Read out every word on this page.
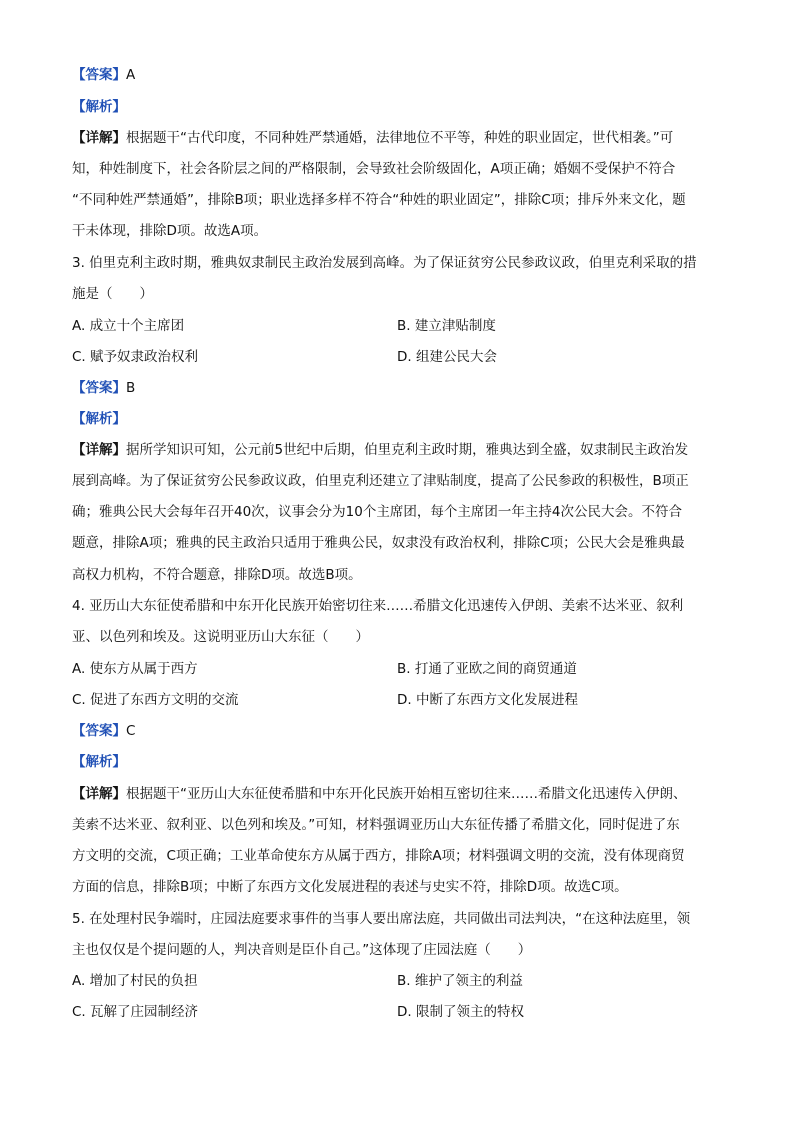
【答案】A
【解析】
【详解】根据题干“古代印度，不同种姓严禁通婚，法律地位不平等，种姓的职业固定，世代相袭。”可
知，种姓制度下，社会各阶层之间的严格限制，会导致社会阶级固化，A项正确；婚姻不受保护不符合
“不同种姓严禁通婚”，排除B项；职业选择多样不符合“种姓的职业固定”，排除C项；排斥外来文化，题
干未体现，排除D项。故选A项。
3. 伯里克利主政时期，雅典奴隶制民主政治发展到高峰。为了保证贫穷公民参政议政，伯里克利采取的措
施是（　　）
A. 成立十个主席团	B. 建立津贴制度
C. 赋予奴隶政治权利	D. 组建公民大会
【答案】B
【解析】
【详解】据所学知识可知，公元前5世纪中后期，伯里克利主政时期，雅典达到全盛，奴隶制民主政治发
展到高峰。为了保证贫穷公民参政议政，伯里克利还建立了津贴制度，提高了公民参政的积极性，B项正
确；雅典公民大会每年召开40次，议事会分为10个主席团，每个主席团一年主持4次公民大会。不符合
题意，排除A项；雅典的民主政治只适用于雅典公民，奴隶没有政治权利，排除C项；公民大会是雅典最
高权力机构，不符合题意，排除D项。故选B项。
4. 亚历山大东征使希腊和中东开化民族开始密切往来……希腊文化迅速传入伊朗、美索不达米亚、叙利
亚、以色列和埃及。这说明亚历山大东征（　　）
A. 使东方从属于西方	B. 打通了亚欧之间的商贸通道
C. 促进了东西方文明的交流	D. 中断了东西方文化发展进程
【答案】C
【解析】
【详解】根据题干“亚历山大东征使希腊和中东开化民族开始相互密切往来……希腊文化迅速传入伊朗、
美索不达米亚、叙利亚、以色列和埃及。”可知，材料强调亚历山大东征传播了希腊文化，同时促进了东
方文明的交流，C项正确；工业革命使东方从属于西方，排除A项；材料强调文明的交流，没有体现商贸
方面的信息，排除B项；中断了东西方文化发展进程的表述与史实不符，排除D项。故选C项。
5. 在处理村民争端时，庄园法庭要求事件的当事人要出席法庭，共同做出司法判决，“在这种法庭里，领
主也仅仅是个提问题的人，判决音则是臣仆自己。”这体现了庄园法庭（　　）
A. 增加了村民的负担	B. 维护了领主的利益
C. 瓦解了庄园制经济	D. 限制了领主的特权
